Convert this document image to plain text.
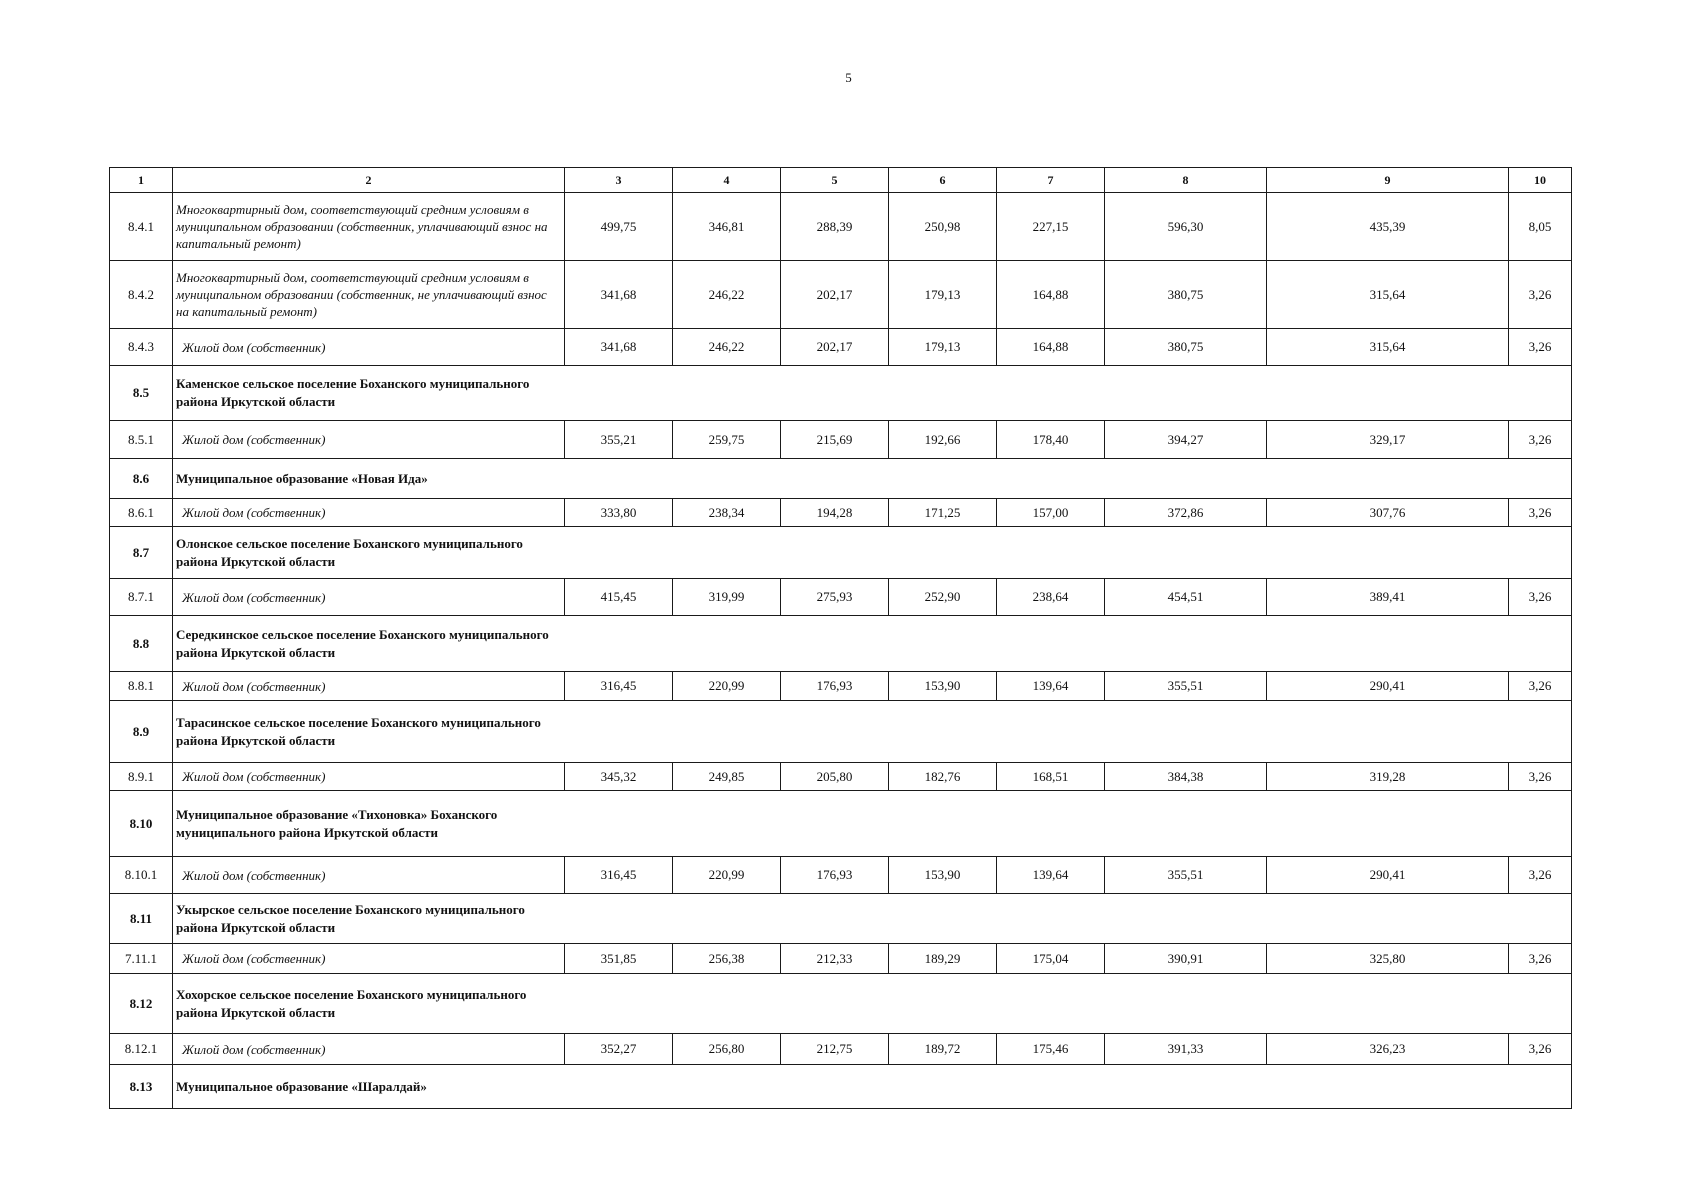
5
1	2	3	4	5	6	7	8	9	10
8.4.1	Многоквартирный дом, соответствующий средним условиям в муниципальном образовании (собственник, уплачивающий взнос на капитальный ремонт)	499,75	346,81	288,39	250,98	227,15	596,30	435,39	8,05
8.4.2	Многоквартирный дом, соответствующий средним условиям в муниципальном образовании (собственник, не уплачивающий взнос на капитальный ремонт)	341,68	246,22	202,17	179,13	164,88	380,75	315,64	3,26
8.4.3	Жилой дом (собственник)	341,68	246,22	202,17	179,13	164,88	380,75	315,64	3,26
8.5	Каменское сельское поселение Боханского муниципального района Иркутской области								
8.5.1	Жилой дом (собственник)	355,21	259,75	215,69	192,66	178,40	394,27	329,17	3,26
8.6	Муниципальное образование «Новая Ида»								
8.6.1	Жилой дом (собственник)	333,80	238,34	194,28	171,25	157,00	372,86	307,76	3,26
8.7	Олонское сельское поселение Боханского муниципального района Иркутской области								
8.7.1	Жилой дом (собственник)	415,45	319,99	275,93	252,90	238,64	454,51	389,41	3,26
8.8	Середкинское сельское поселение Боханского муниципального района Иркутской области								
8.8.1	Жилой дом (собственник)	316,45	220,99	176,93	153,90	139,64	355,51	290,41	3,26
8.9	Тарасинское сельское поселение Боханского муниципального района Иркутской области								
8.9.1	Жилой дом (собственник)	345,32	249,85	205,80	182,76	168,51	384,38	319,28	3,26
8.10	Муниципальное образование «Тихоновка» Боханского муниципального района Иркутской области								
8.10.1	Жилой дом (собственник)	316,45	220,99	176,93	153,90	139,64	355,51	290,41	3,26
8.11	Укырское сельское поселение Боханского муниципального района Иркутской области								
7.11.1	Жилой дом (собственник)	351,85	256,38	212,33	189,29	175,04	390,91	325,80	3,26
8.12	Хохорское сельское поселение Боханского муниципального района Иркутской области								
8.12.1	Жилой дом (собственник)	352,27	256,80	212,75	189,72	175,46	391,33	326,23	3,26
8.13	Муниципальное образование «Шаралдай»								
